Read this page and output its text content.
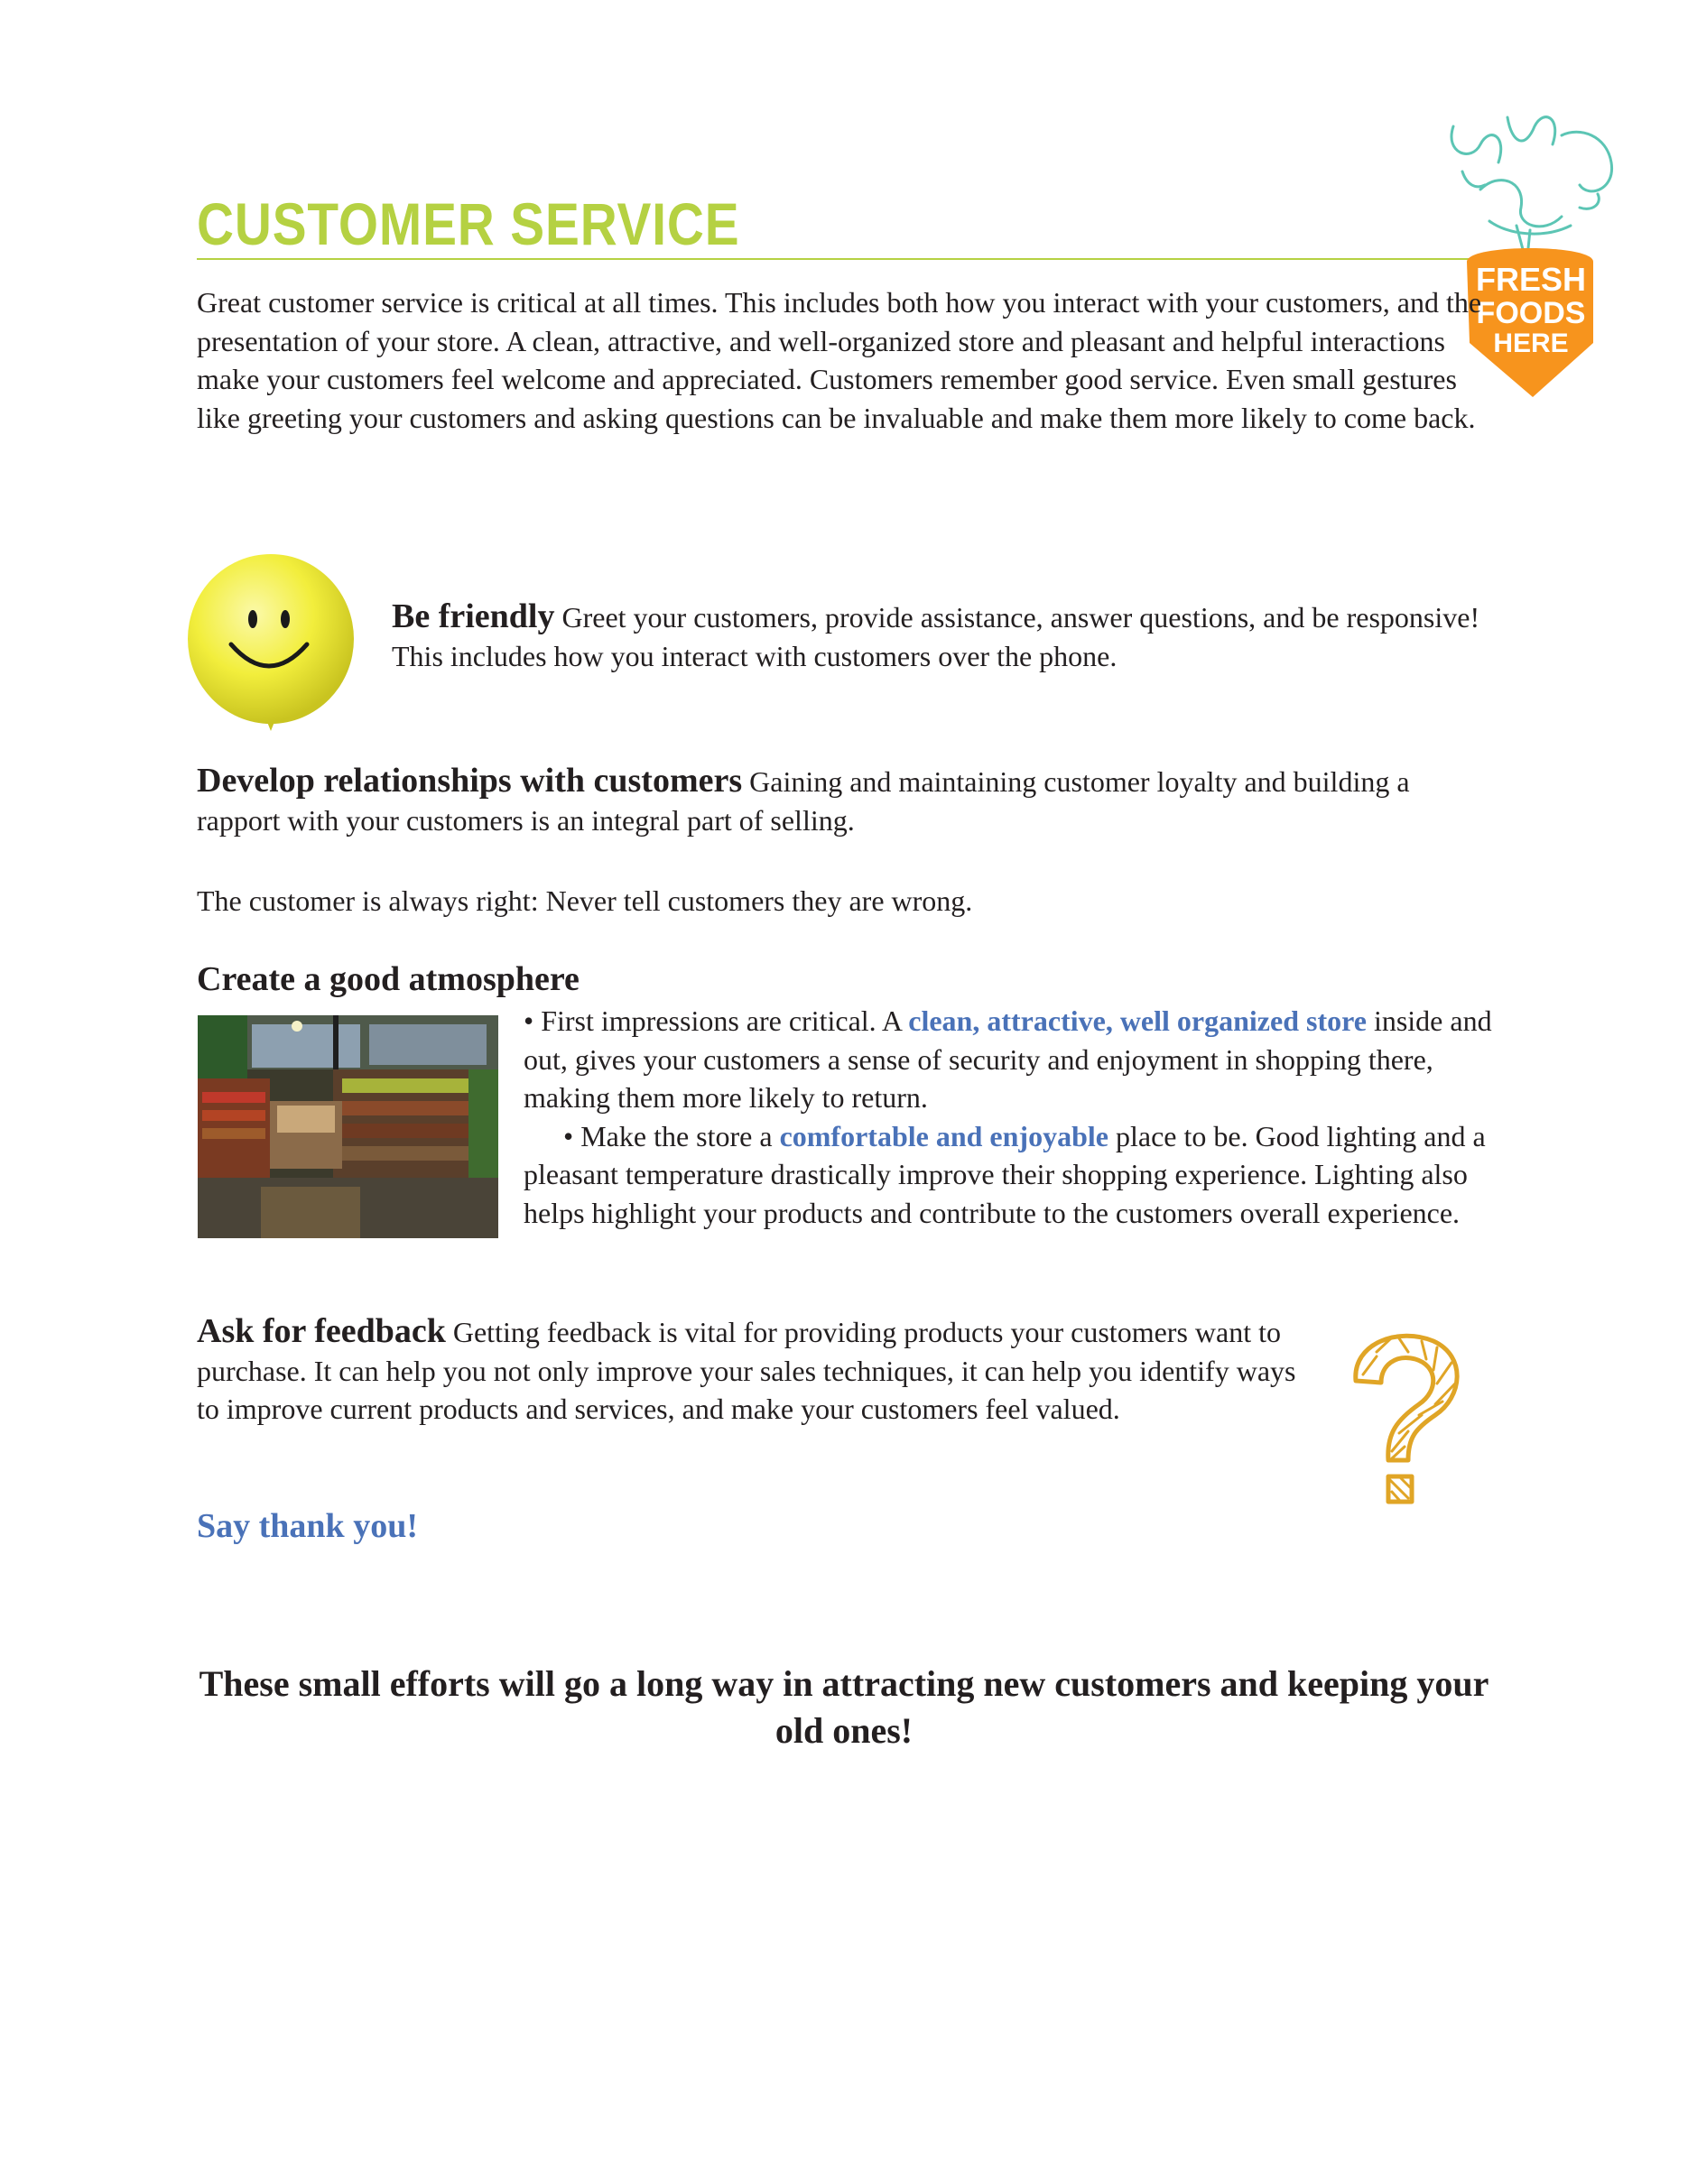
CUSTOMER SERVICE
FRESH
FOODS
HERE
Great customer service is critical at all times. This includes both how you interact with your customers, and the presentation of your store. A clean, attractive, and well-organized store and pleasant and helpful interactions make your customers feel welcome and appreciated. Customers remember good service. Even small gestures like greeting your customers and asking questions can be invaluable and make them more likely to come back.
Be friendly Greet your customers, provide assistance, answer questions, and be responsive! This includes how you interact with customers over the phone.
Develop relationships with customers Gaining and maintaining customer loyalty and building a rapport with your customers is an integral part of selling.
The customer is always right: Never tell customers they are wrong.
Create a good atmosphere
• First impressions are critical. A clean, attractive, well organized store inside and out, gives your customers a sense of security and enjoyment in shopping there, making them more likely to return.
• Make the store a comfortable and enjoyable place to be. Good lighting and a pleasant temperature drastically improve their shopping experience. Lighting also helps highlight your products and contribute to the customers overall experience.
Ask for feedback Getting feedback is vital for providing products your customers want to purchase. It can help you not only improve your sales techniques, it can help you identify ways to improve current products and services, and make your customers feel valued.
Say thank you!

These small efforts will go a long way in attracting new customers and keeping your old ones!
